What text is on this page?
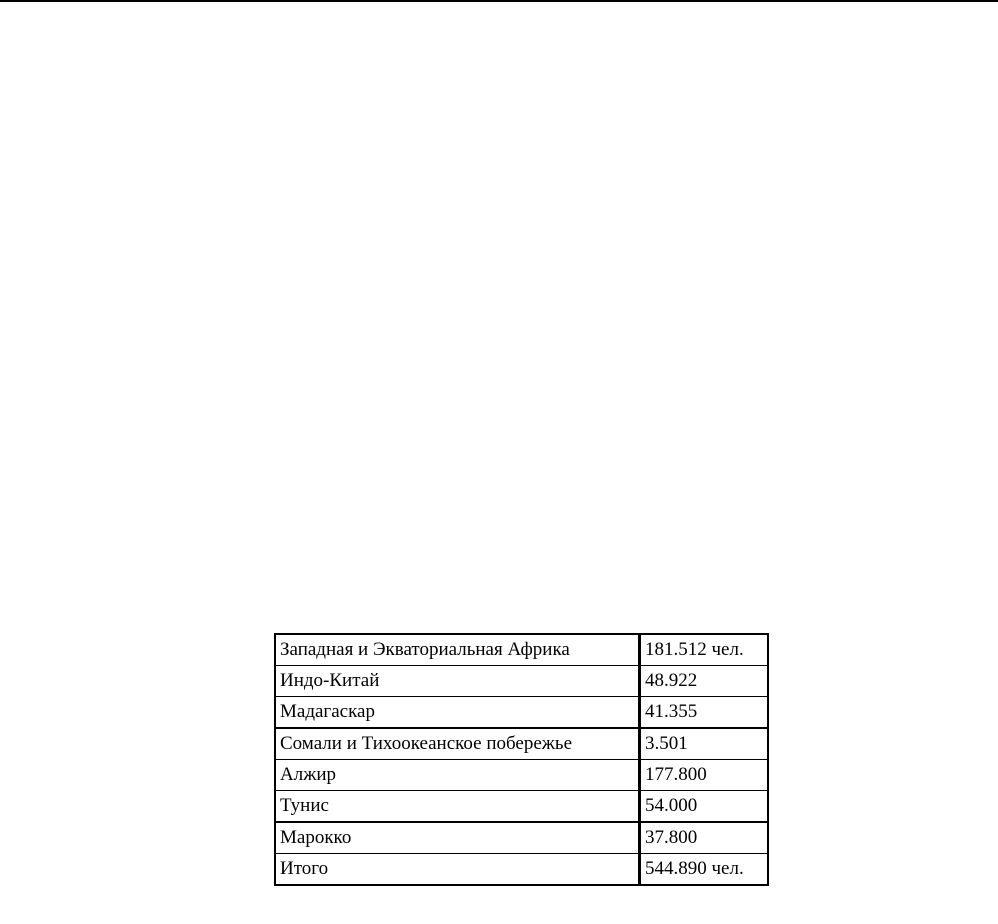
Западная и Экваториальная Африка	181.512 чел.
Индо-Китай	48.922
Мадагаскар	41.355
Сомали и Тихоокеанское побережье	3.501
Алжир	177.800
Тунис	54.000
Марокко	37.800
Итого	544.890 чел.
